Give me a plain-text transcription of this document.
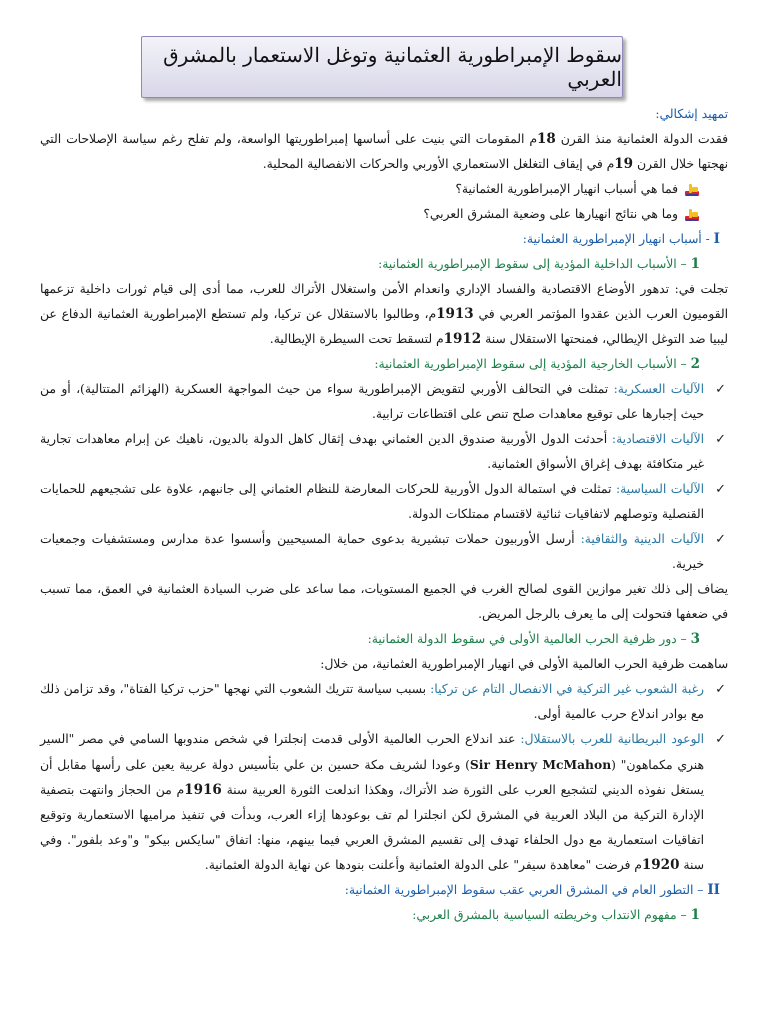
سقوط الإمبراطورية العثمانية وتوغل الاستعمار بالمشرق العربي

تمهيد إشكالي:

فقدت الدولة العثمانية منذ القرن 18م المقومات التي بنيت على أساسها إمبراطوريتها الواسعة، ولم تفلح رغم سياسة الإصلاحات التي نهجتها خلال القرن 19م في إيقاف التغلغل الاستعماري الأوربي والحركات الانفصالية المحلية.

فما هي أسباب انهيار الإمبراطورية العثمانية؟
وما هي نتائج انهيارها على وضعية المشرق العربي؟

I - أسباب انهيار الإمبراطورية العثمانية:

1 – الأسباب الداخلية المؤدية إلى سقوط الإمبراطورية العثمانية:

تجلت في: تدهور الأوضاع الاقتصادية والفساد الإداري وانعدام الأمن واستغلال الأتراك للعرب، مما أدى إلى قيام ثورات داخلية تزعمها القوميون العرب الذين عقدوا المؤتمر العربي في 1913م، وطالبوا بالاستقلال عن تركيا، ولم تستطع الإمبراطورية العثمانية الدفاع عن ليبيا ضد التوغل الإيطالي، فمنحتها الاستقلال سنة 1912م لتسقط تحت السيطرة الإيطالية.

2 – الأسباب الخارجية المؤدية إلى سقوط الإمبراطورية العثمانية:

✓
الآليات العسكرية: تمثلت في التحالف الأوربي لتقويض الإمبراطورية سواء من حيث المواجهة العسكرية (الهزائم المتتالية)، أو من حيث إجبارها على توقيع معاهدات صلح تنص على اقتطاعات ترابية.
✓
الآليات الاقتصادية: أحدثت الدول الأوربية صندوق الدين العثماني بهدف إثقال كاهل الدولة بالديون، ناهيك عن إبرام معاهدات تجارية غير متكافئة بهدف إغراق الأسواق العثمانية.
✓
الآليات السياسية: تمثلت في استمالة الدول الأوربية للحركات المعارضة للنظام العثماني إلى جانبهم، علاوة على تشجيعهم للحمايات القنصلية وتوصلهم لاتفاقيات ثنائية لاقتسام ممتلكات الدولة.
✓
الآليات الدينية والثقافية: أرسل الأوربيون حملات تبشيرية بدعوى حماية المسيحيين وأسسوا عدة مدارس ومستشفيات وجمعيات خيرية.

يضاف إلى ذلك تغير موازين القوى لصالح الغرب في الجميع المستويات، مما ساعد على ضرب السيادة العثمانية في العمق، مما تسبب في ضعفها فتحولت إلى ما يعرف بالرجل المريض.

3 – دور ظرفية الحرب العالمية الأولى في سقوط الدولة العثمانية:

ساهمت ظرفية الحرب العالمية الأولى في انهيار الإمبراطورية العثمانية، من خلال:

✓
رغبة الشعوب غير التركية في الانفصال التام عن تركيا: بسبب سياسة تتريك الشعوب التي نهجها "حزب تركيا الفتاة"، وقد تزامن ذلك مع بوادر اندلاع حرب عالمية أولى.
✓
الوعود البريطانية للعرب بالاستقلال: عند اندلاع الحرب العالمية الأولى قدمت إنجلترا في شخص مندوبها السامي في مصر "السير هنري مكماهون" (Sir Henry McMahon) وعودا لشريف مكة حسين بن علي بتأسيس دولة عربية يعين على رأسها مقابل أن يستغل نفوذه الديني لتشجيع العرب على الثورة ضد الأتراك، وهكذا اندلعت الثورة العربية سنة 1916م من الحجاز وانتهت بتصفية الإدارة التركية من البلاد العربية في المشرق لكن انجلترا لم تف بوعودها إزاء العرب، وبدأت في تنفيذ مراميها الاستعمارية وتوقيع اتفاقيات استعمارية مع دول الحلفاء تهدف إلى تقسيم المشرق العربي فيما بينهم، منها: اتفاق "سايكس بيكو" و"وعد بلفور". وفي سنة 1920م فرضت "معاهدة سيفر" على الدولة العثمانية وأعلنت بنودها عن نهاية الدولة العثمانية.

II – التطور العام في المشرق العربي عقب سقوط الإمبراطورية العثمانية:

1 – مفهوم الانتداب وخريطته السياسية بالمشرق العربي:
